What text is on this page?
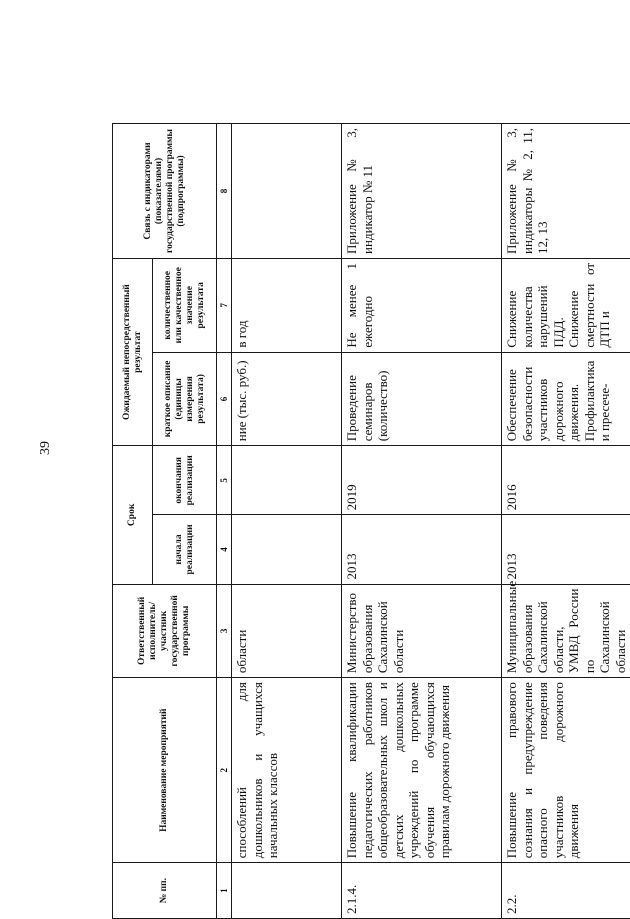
39
№ пп.	Наименование мероприятий	Ответственный исполнитель/ участник государственной программы	Срок		Ожидаемый непосредственный результат		Связь с индикаторами (показателями) государственной программы (подпрограммы)
			начала реализации	окончания реализации	краткое описание (единицы измерения результата)	количественное или качественное значение результата	
1	2	3	4	5	6	7	8
	способлений для дошкольников и учащихся начальных классов	области			ние (тыс. руб.)	в год	
2.1.4.	Повышение квалификации педагогических работников общеобразовательных школ и детских дошкольных учреждений по программе обучения обучающихся правилам дорожного движения	Министерство образования Сахалинской области	2013	2019	Проведение семинаров (количество)	Не менее 1 ежегодно	Приложение № 3, индикатор № 11
2.2.	Повышение правового сознания и предупреждение опасного поведения участников дорожного движения	Муниципальные образования Сахалинской области, УМВД России по Сахалинской области	2013	2016	Обеспечение безопасности участников дорожного движения. Профилактика и пресече-	Снижение количества нарушений ПДД. Снижение смертности от ДТП и	Приложение № 3, индикаторы № 2, 11, 12, 13
